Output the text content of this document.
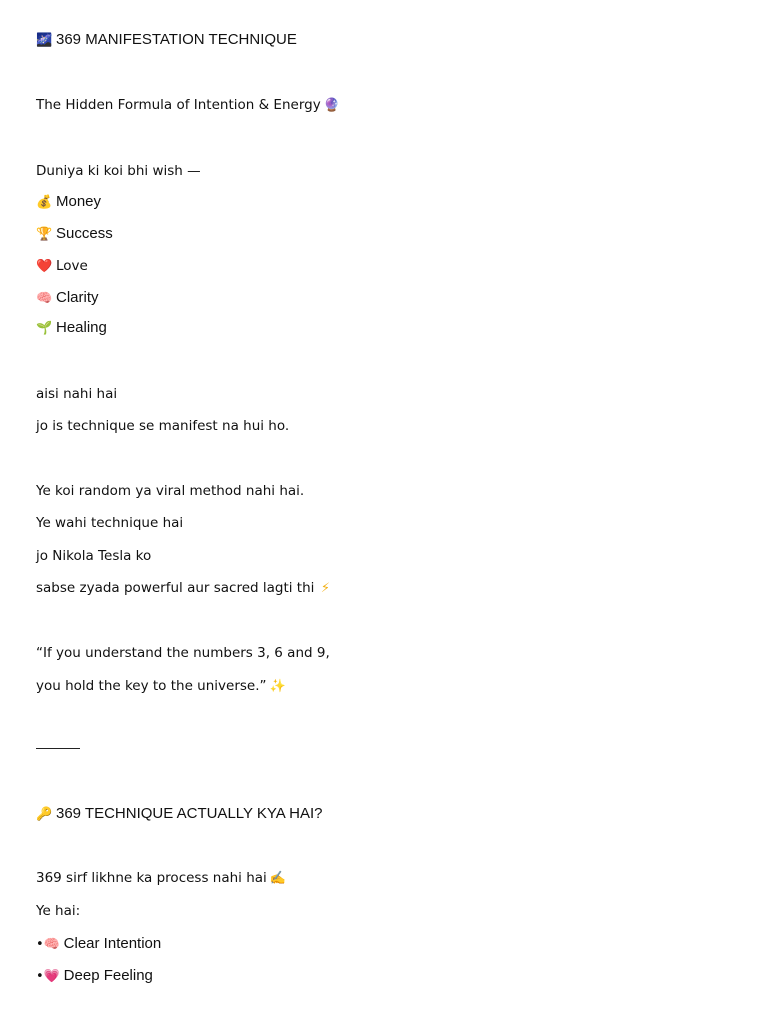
🌌 369 MANIFESTATION TECHNIQUE
The Hidden Formula of Intention & Energy 🔮
Duniya ki koi bhi wish —
💰 Money
🏆 Success
❤️ Love
🧠 Clarity
🌱 Healing
aisi nahi hai
jo is technique se manifest na hui ho.
Ye koi random ya viral method nahi hai.
Ye wahi technique hai
jo Nikola Tesla ko
sabse zyada powerful aur sacred lagti thi ⚡
“If you understand the numbers 3, 6 and 9,
you hold the key to the universe.” ✨
🔑 369 TECHNIQUE ACTUALLY KYA HAI?
369 sirf likhne ka process nahi hai ✍️
Ye hai:
•🧠 Clear Intention
•💗 Deep Feeling
